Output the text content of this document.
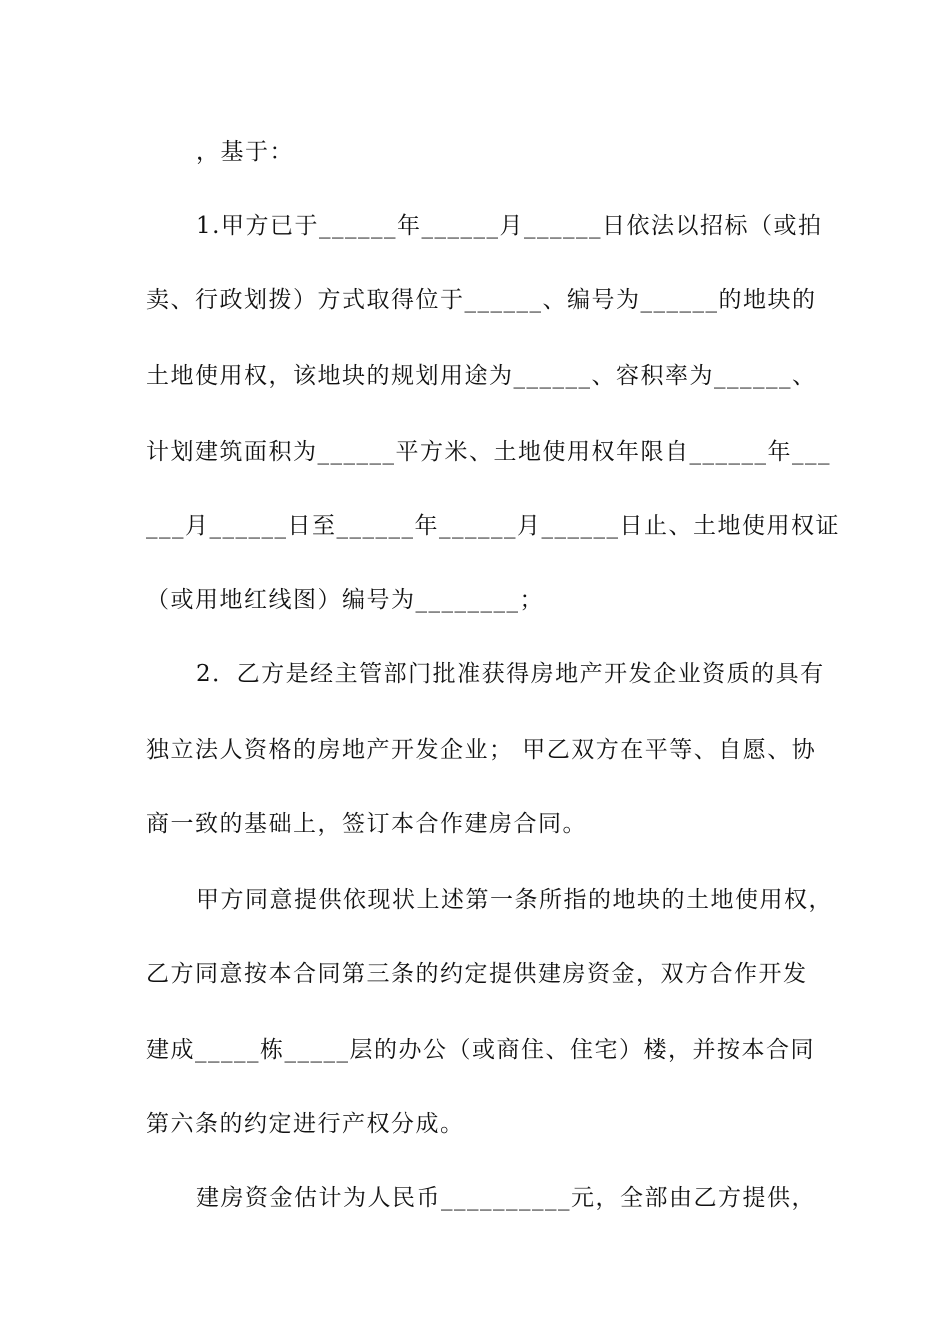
，基于：
1.甲方已于______年______月______日依法以招标（或拍
卖、行政划拨）方式取得位于______、编号为______的地块的
土地使用权，该地块的规划用途为______、容积率为______、
计划建筑面积为______平方米、土地使用权年限自______年___
___月______日至______年______月______日止、土地使用权证
（或用地红线图）编号为________；
2．乙方是经主管部门批准获得房地产开发企业资质的具有
独立法人资格的房地产开发企业； 甲乙双方在平等、自愿、协
商一致的基础上，签订本合作建房合同。
甲方同意提供依现状上述第一条所指的地块的土地使用权，
乙方同意按本合同第三条的约定提供建房资金，双方合作开发
建成_____栋_____层的办公（或商住、住宅）楼，并按本合同
第六条的约定进行产权分成。
建房资金估计为人民币__________元，全部由乙方提供，
